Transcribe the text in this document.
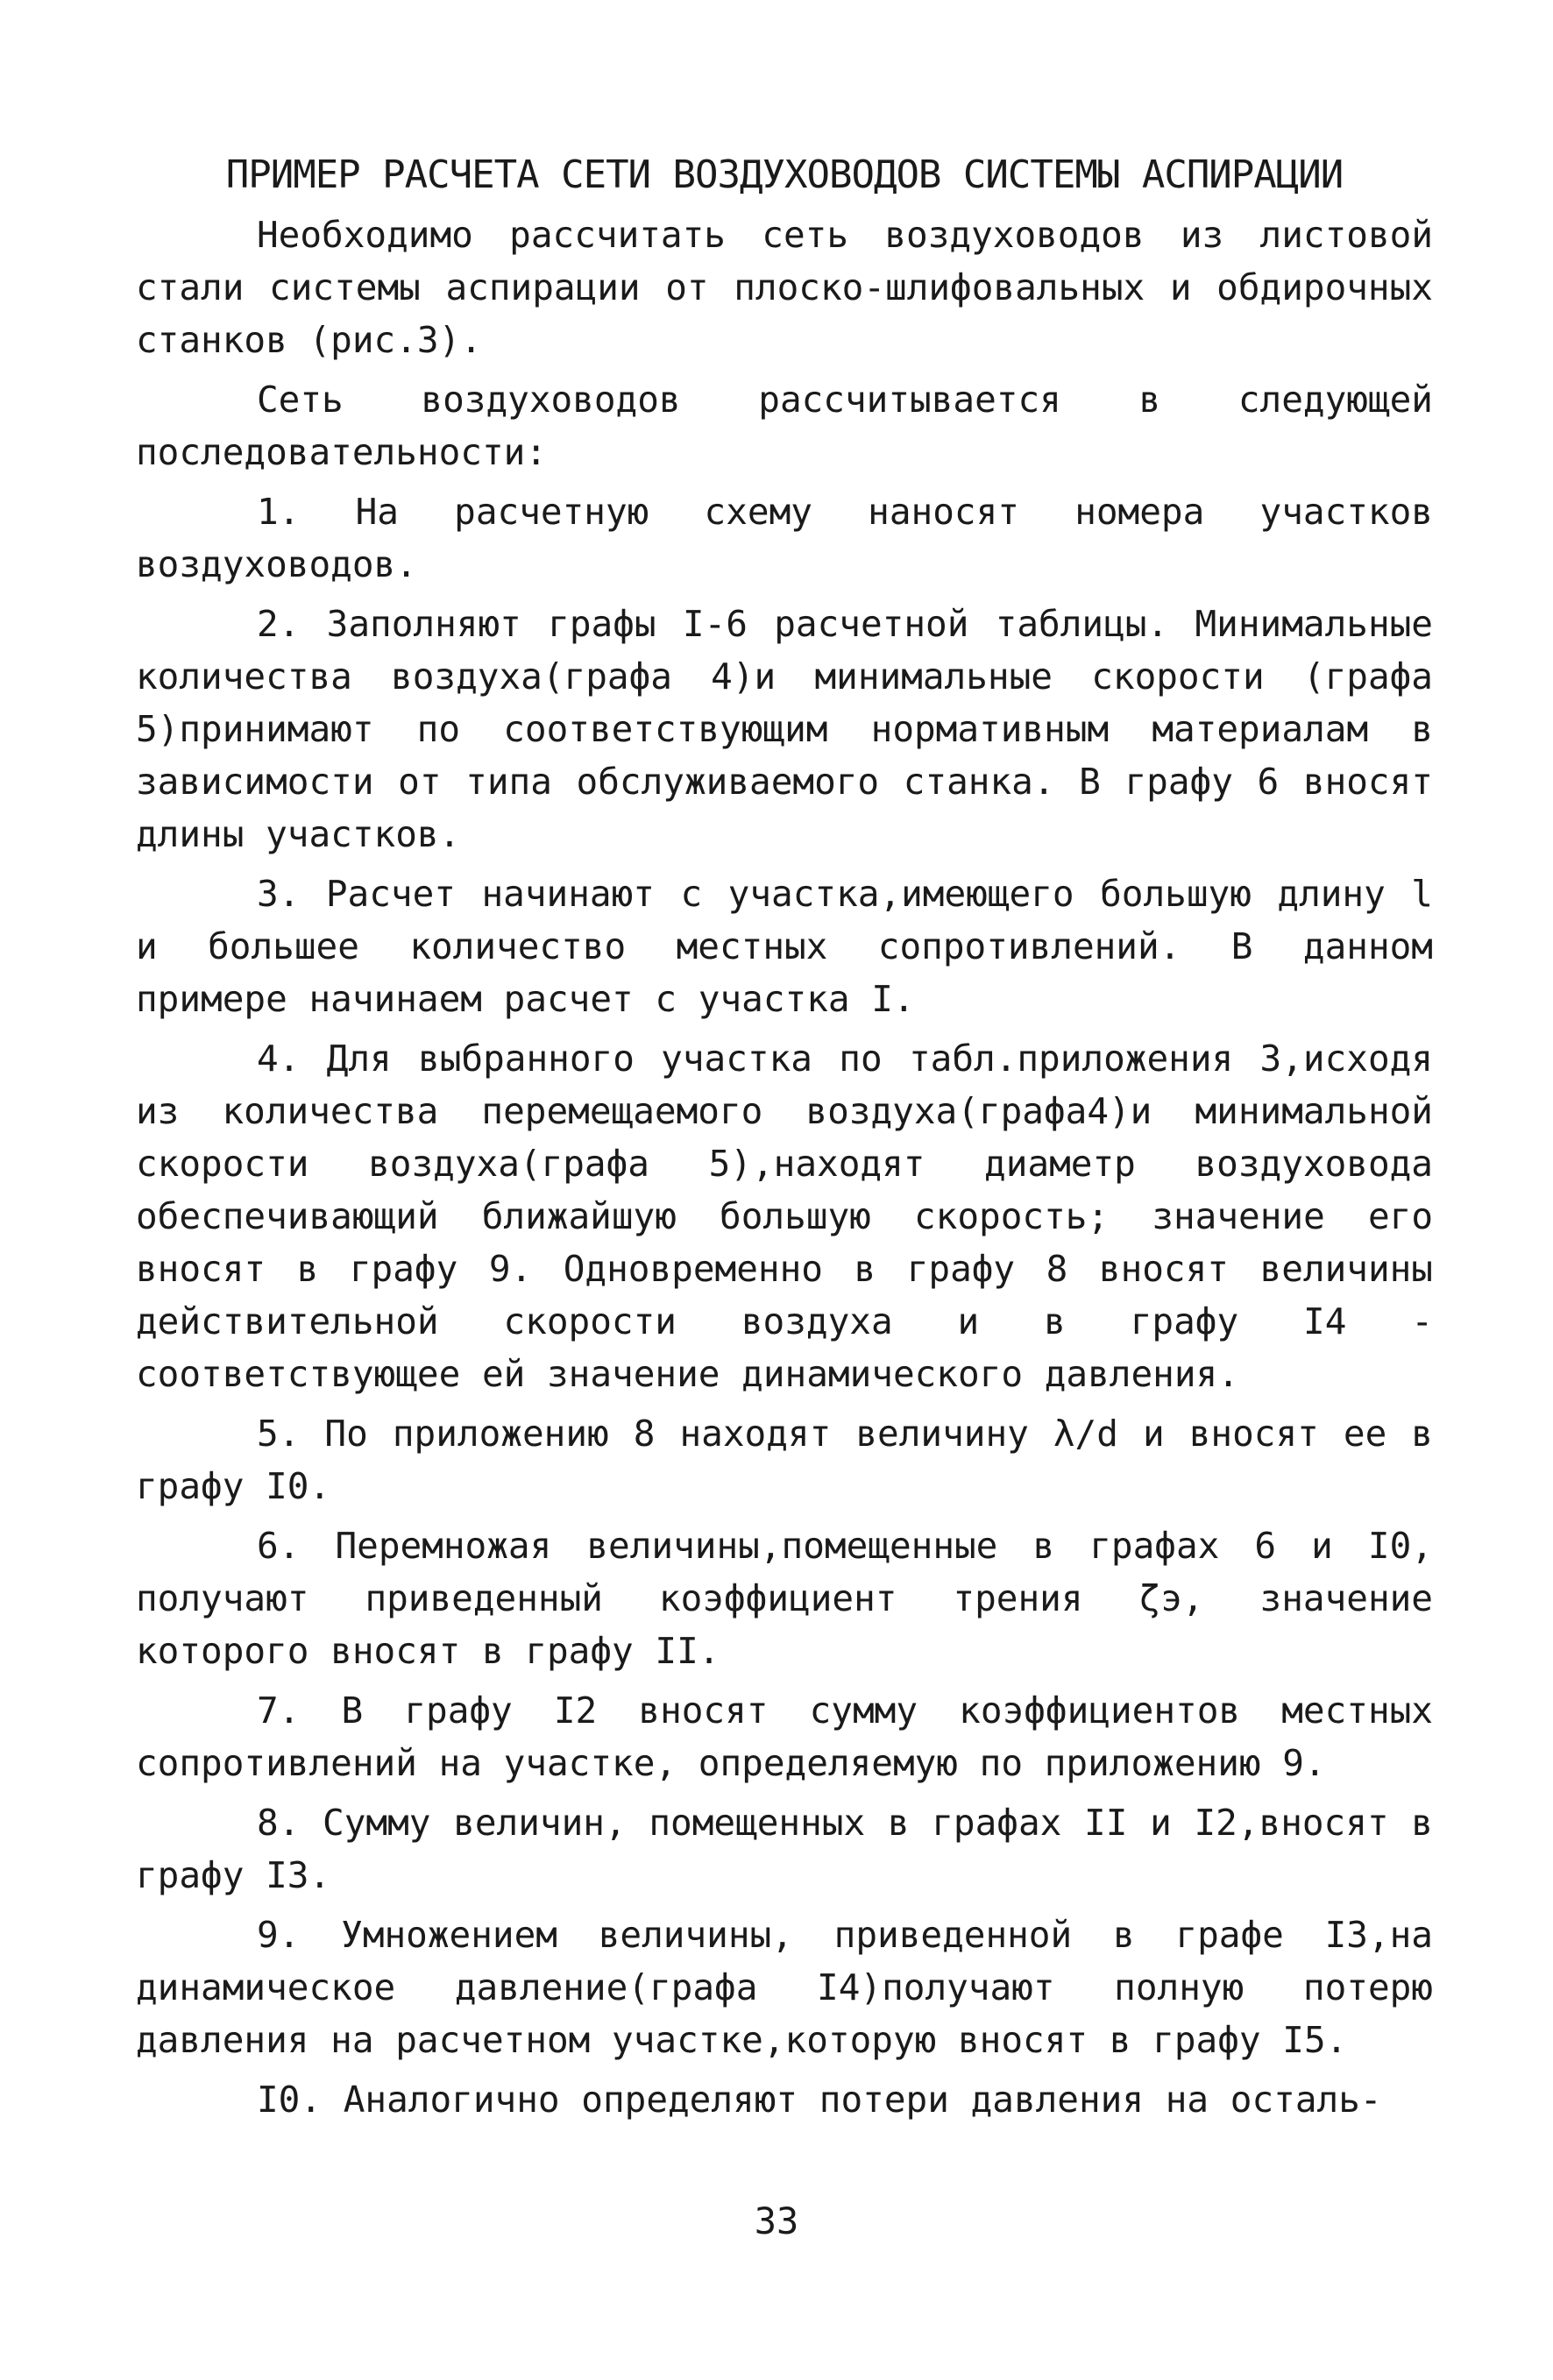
ПРИМЕР РАСЧЕТА СЕТИ ВОЗДУХОВОДОВ СИСТЕМЫ АСПИРАЦИИ

Необходимо рассчитать сеть воздуховодов из листовой стали системы аспирации от плоско-шлифовальных и обдирочных станков (рис.3).

Сеть воздуховодов рассчитывается в следующей последовательности:

1. На расчетную схему наносят номера участков воздуховодов.

2. Заполняют графы I-6 расчетной таблицы. Минимальные количества воздуха(графа 4)и минимальные скорости (графа 5)принимают по соответствующим нормативным материалам в зависимости от типа обслуживаемого станка. В графу 6 вносят длины участков.

3. Расчет начинают с участка,имеющего большую длину l и большее количество местных сопротивлений. В данном примере начинаем расчет с участка I.

4. Для выбранного участка по табл.приложения 3,исходя из количества перемещаемого воздуха(графа4)и минимальной скорости воздуха(графа 5),находят диаметр воздуховода обеспечивающий ближайшую большую скорость; значение его вносят в графу 9. Одновременно в графу 8 вносят величины действительной скорости воздуха и в графу I4 - соответствующее ей значение динамического давления.

5. По приложению 8 находят величину λ/d и вносят ее в графу I0.

6. Перемножая величины,помещенные в графах 6 и I0, получают приведенный коэффициент трения ζэ, значение которого вносят в графу II.

7. В графу I2 вносят сумму коэффициентов местных сопротивлений на участке, определяемую по приложению 9.

8. Сумму величин, помещенных в графах II и I2,вносят в графу I3.

9. Умножением величины, приведенной в графе I3,на динамическое давление(графа I4)получают полную потерю давления на расчетном участке,которую вносят в графу I5.

I0. Аналогично определяют потери давления на осталь-

33
